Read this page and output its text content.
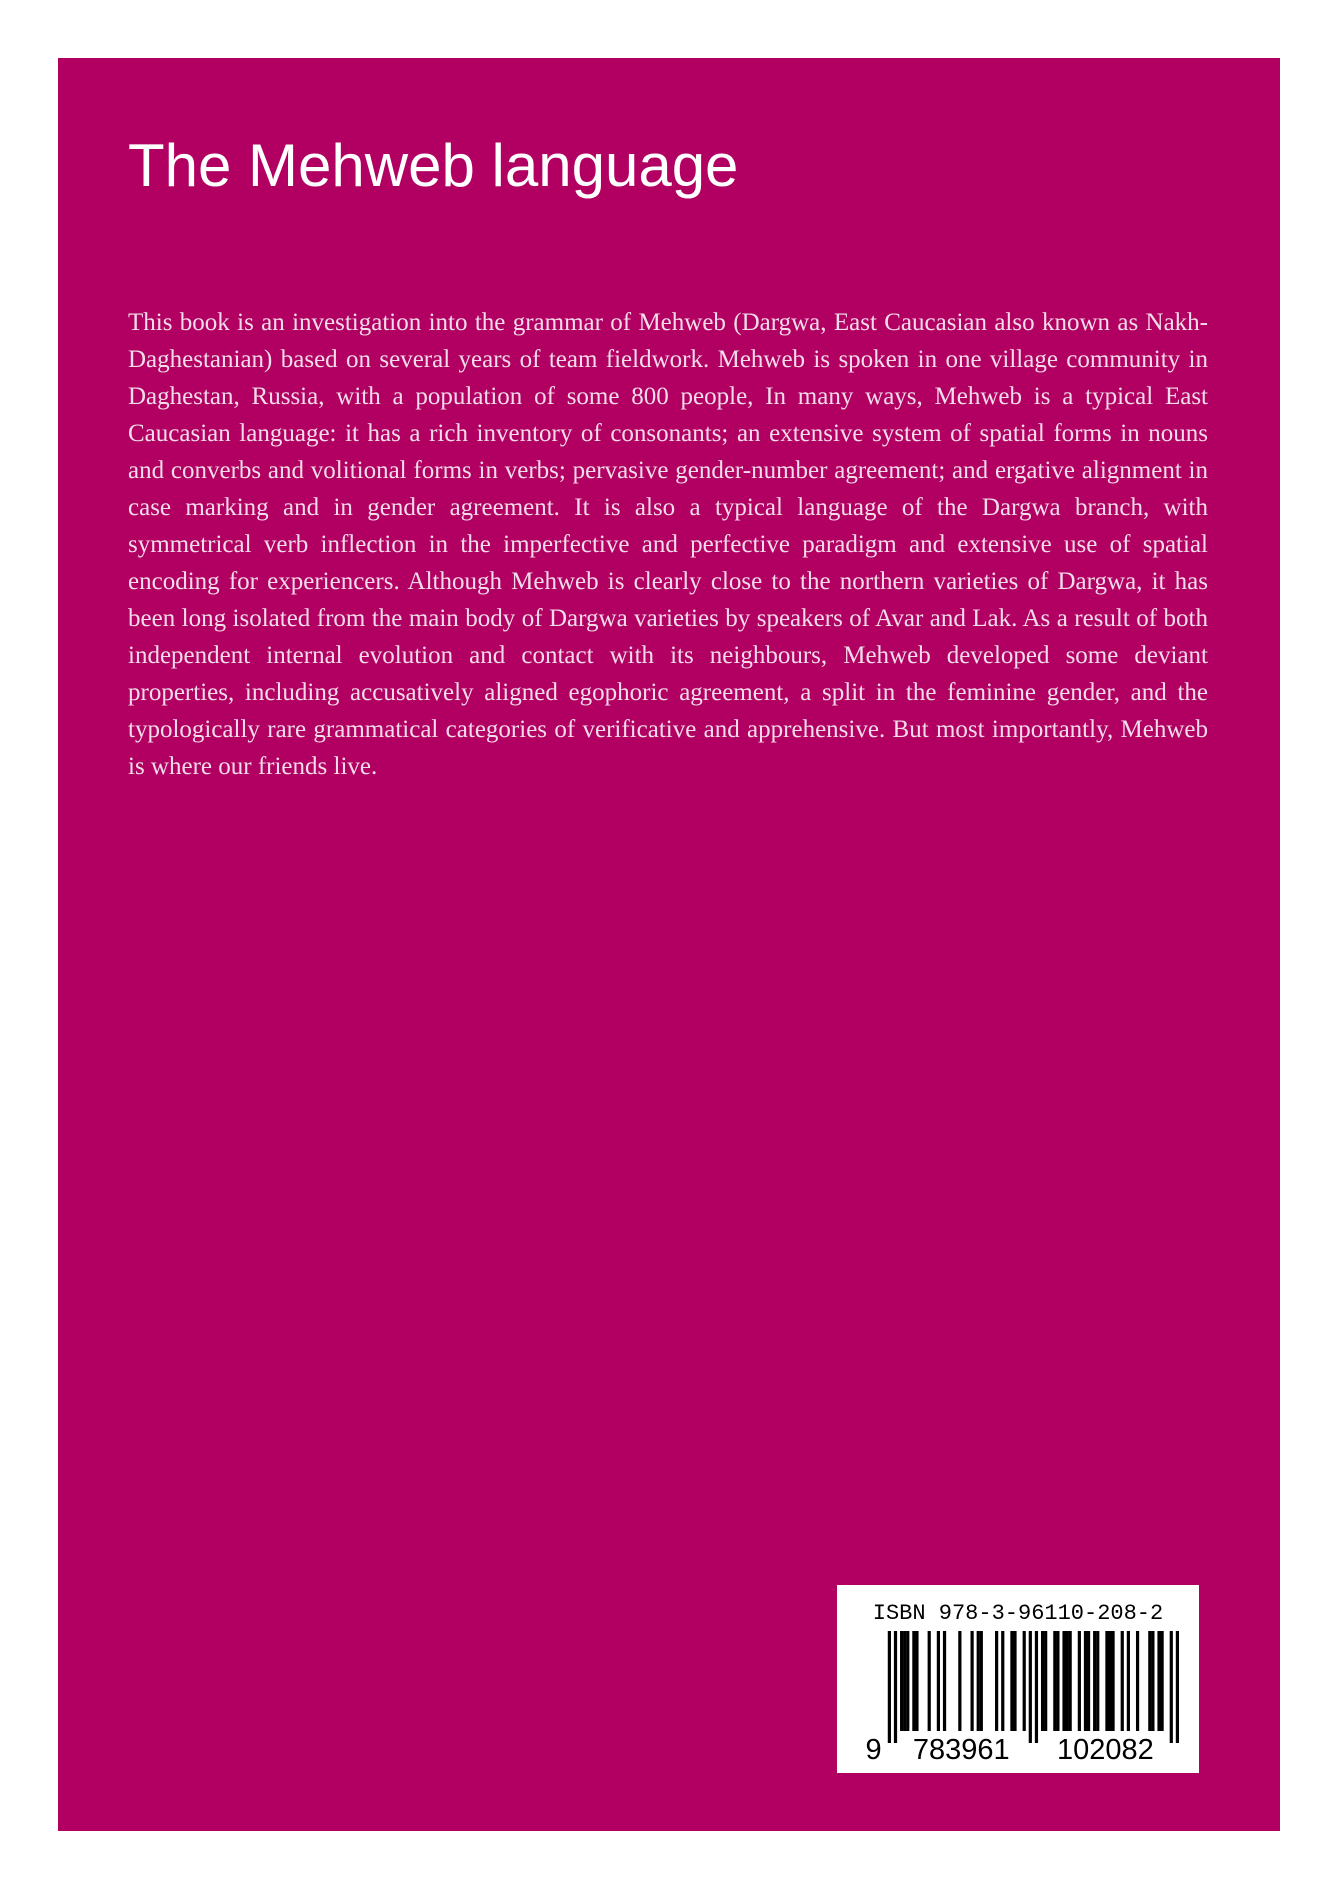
The Mehweb language

This book is an investigation into the grammar of Mehweb (Dargwa, East Caucasian also known as Nakh-Daghestanian) based on several years of team fieldwork. Mehweb is spoken in one village community in Daghestan, Russia, with a population of some 800 people, In many ways, Mehweb is a typical East Caucasian language: it has a rich inventory of consonants; an extensive system of spatial forms in nouns and converbs and volitional forms in verbs; pervasive gender-number agreement; and ergative alignment in case marking and in gender agreement. It is also a typical language of the Dargwa branch, with symmetrical verb inflection in the imperfective and perfective paradigm and extensive use of spatial encoding for experiencers. Although Mehweb is clearly close to the northern varieties of Dargwa, it has been long isolated from the main body of Dargwa varieties by speakers of Avar and Lak. As a result of both independent internal evolution and contact with its neighbours, Mehweb developed some deviant properties, including accusatively aligned egophoric agreement, a split in the feminine gender, and the typologically rare grammatical categories of verificative and apprehensive. But most importantly, Mehweb is where our friends live.

ISBN 978-3-96110-208-2
9 783961 102082
